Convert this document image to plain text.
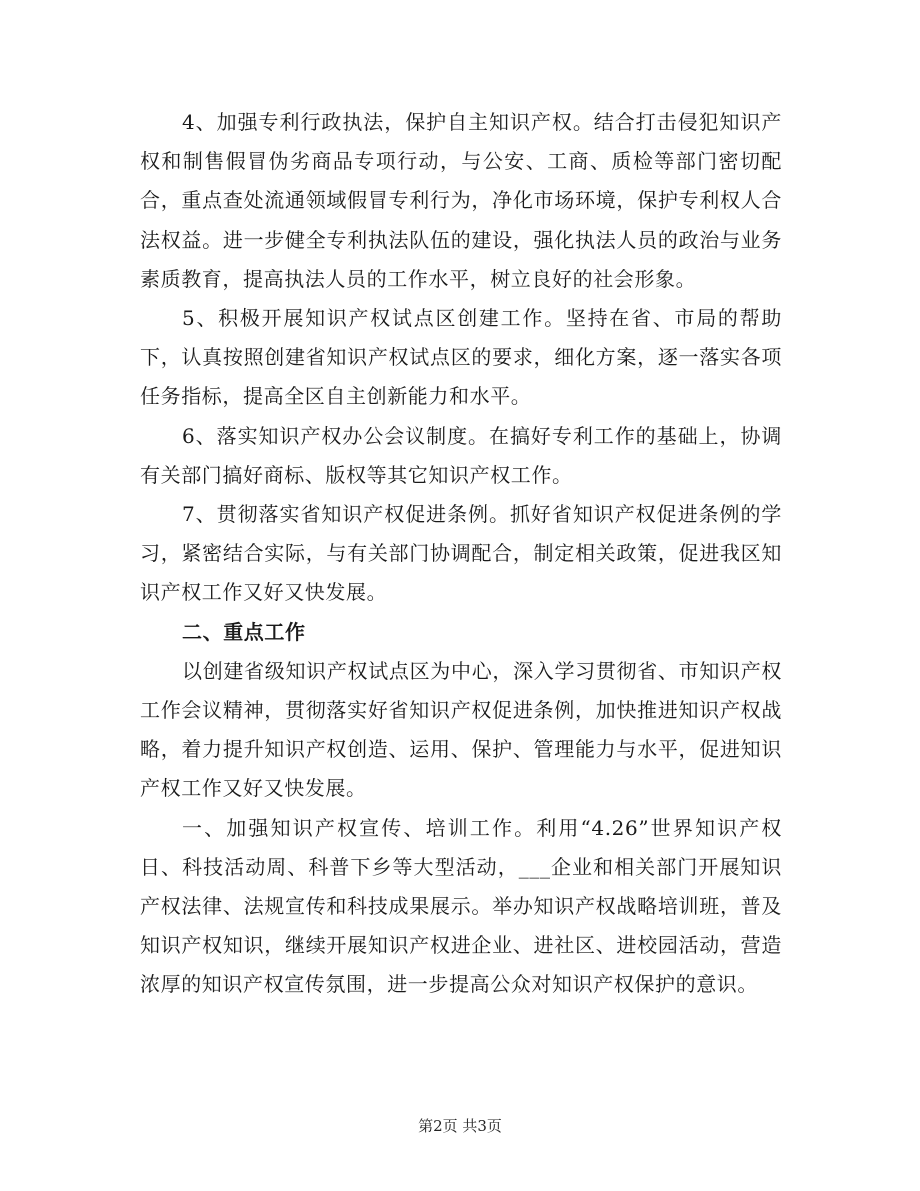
4、加强专利行政执法，保护自主知识产权。结合打击侵犯知识产权和制售假冒伪劣商品专项行动，与公安、工商、质检等部门密切配合，重点查处流通领域假冒专利行为，净化市场环境，保护专利权人合法权益。进一步健全专利执法队伍的建设，强化执法人员的政治与业务素质教育，提高执法人员的工作水平，树立良好的社会形象。

5、积极开展知识产权试点区创建工作。坚持在省、市局的帮助下，认真按照创建省知识产权试点区的要求，细化方案，逐一落实各项任务指标，提高全区自主创新能力和水平。

6、落实知识产权办公会议制度。在搞好专利工作的基础上，协调有关部门搞好商标、版权等其它知识产权工作。

7、贯彻落实省知识产权促进条例。抓好省知识产权促进条例的学习，紧密结合实际，与有关部门协调配合，制定相关政策，促进我区知识产权工作又好又快发展。

二、重点工作

以创建省级知识产权试点区为中心，深入学习贯彻省、市知识产权工作会议精神，贯彻落实好省知识产权促进条例，加快推进知识产权战略，着力提升知识产权创造、运用、保护、管理能力与水平，促进知识产权工作又好又快发展。

一、加强知识产权宣传、培训工作。利用“4.26”世界知识产权日、科技活动周、科普下乡等大型活动，___企业和相关部门开展知识产权法律、法规宣传和科技成果展示。举办知识产权战略培训班，普及知识产权知识，继续开展知识产权进企业、进社区、进校园活动，营造浓厚的知识产权宣传氛围，进一步提高公众对知识产权保护的意识。

第2页 共3页
